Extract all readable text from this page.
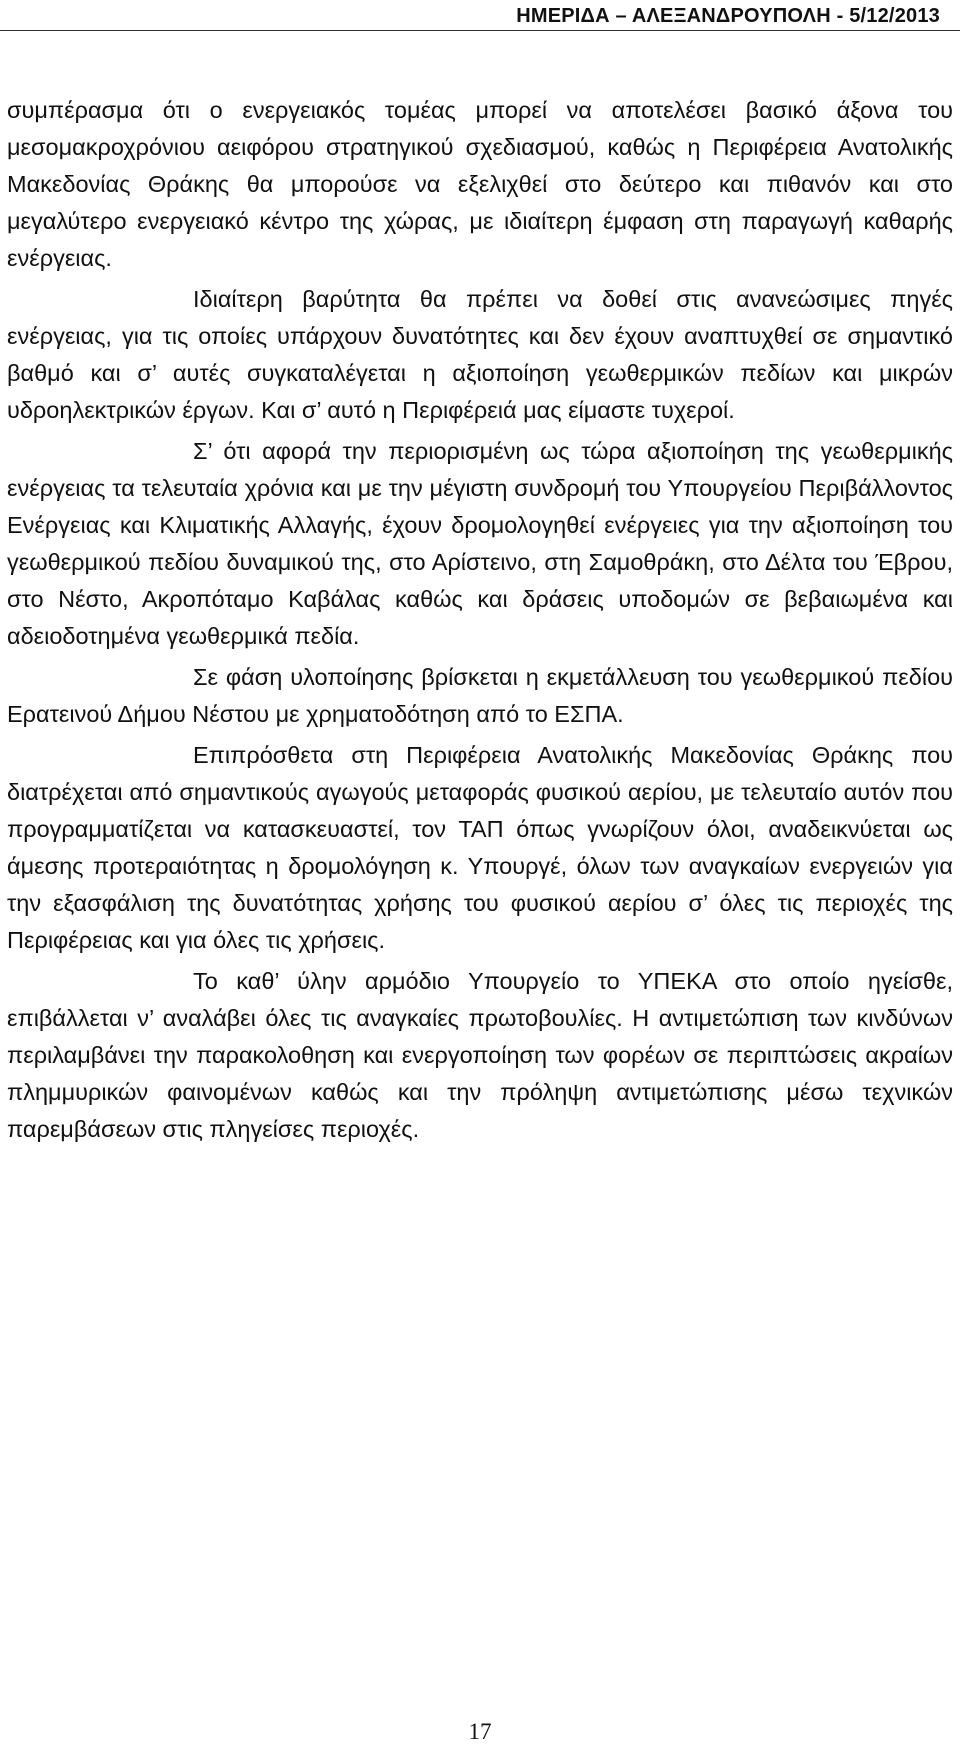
ΗΜΕΡΙΔΑ – ΑΛΕΞΑΝΔΡΟΥΠΟΛΗ - 5/12/2013

συμπέρασμα ότι ο ενεργειακός τομέας μπορεί να αποτελέσει βασικό άξονα του μεσομακροχρόνιου αειφόρου στρατηγικού σχεδιασμού, καθώς η Περιφέρεια Ανατολικής Μακεδονίας Θράκης θα μπορούσε να εξελιχθεί στο δεύτερο και πιθανόν και στο μεγαλύτερο ενεργειακό κέντρο της χώρας, με ιδιαίτερη έμφαση στη παραγωγή καθαρής ενέργειας.

Ιδιαίτερη βαρύτητα θα πρέπει να δοθεί στις ανανεώσιμες πηγές ενέργειας, για τις οποίες υπάρχουν δυνατότητες και δεν έχουν αναπτυχθεί σε σημαντικό βαθμό και σ’ αυτές συγκαταλέγεται η αξιοποίηση γεωθερμικών πεδίων και μικρών υδροηλεκτρικών έργων. Και σ’ αυτό η Περιφέρειά μας είμαστε τυχεροί.

Σ’ ότι αφορά την περιορισμένη ως τώρα αξιοποίηση της γεωθερμικής ενέργειας τα τελευταία χρόνια και με την μέγιστη συνδρομή του Υπουργείου Περιβάλλοντος Ενέργειας και Κλιματικής Αλλαγής, έχουν δρομολογηθεί ενέργειες για την αξιοποίηση του γεωθερμικού πεδίου δυναμικού της, στο Αρίστεινο, στη Σαμοθράκη, στο Δέλτα του Έβρου, στο Νέστο, Ακροπόταμο Καβάλας καθώς και δράσεις υποδομών σε βεβαιωμένα και αδειοδοτημένα γεωθερμικά πεδία.

Σε φάση υλοποίησης βρίσκεται η εκμετάλλευση του γεωθερμικού πεδίου Ερατεινού Δήμου Νέστου με χρηματοδότηση από το ΕΣΠΑ.

Επιπρόσθετα στη Περιφέρεια Ανατολικής Μακεδονίας Θράκης που διατρέχεται από σημαντικούς αγωγούς μεταφοράς φυσικού αερίου, με τελευταίο αυτόν που προγραμματίζεται να κατασκευαστεί, τον ΤΑΠ όπως γνωρίζουν όλοι, αναδεικνύεται ως άμεσης προτεραιότητας η δρομολόγηση κ. Υπουργέ, όλων των αναγκαίων ενεργειών για την εξασφάλιση της δυνατότητας χρήσης του φυσικού αερίου σ’ όλες τις περιοχές της Περιφέρειας και για όλες τις χρήσεις.

Το καθ’ ύλην αρμόδιο Υπουργείο το ΥΠΕΚΑ στο οποίο ηγείσθε, επιβάλλεται ν’ αναλάβει όλες τις αναγκαίες πρωτοβουλίες. Η αντιμετώπιση των κινδύνων περιλαμβάνει την παρακολοθηση και ενεργοποίηση των φορέων σε περιπτώσεις ακραίων πλημμυρικών φαινομένων καθώς και την πρόληψη αντιμετώπισης μέσω τεχνικών παρεμβάσεων στις πληγείσες περιοχές.

17
